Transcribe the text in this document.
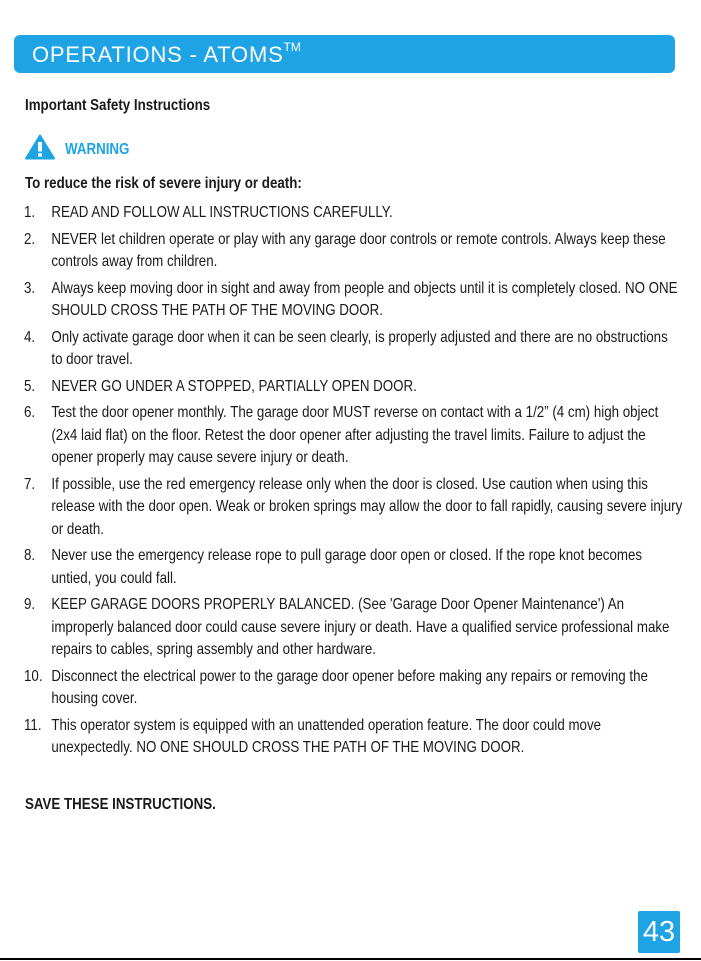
OPERATIONS - ATOMS™
Important Safety Instructions
WARNING
To reduce the risk of severe injury or death:
1. READ AND FOLLOW ALL INSTRUCTIONS CAREFULLY.
2. NEVER let children operate or play with any garage door controls or remote controls. Always keep these controls away from children.
3. Always keep moving door in sight and away from people and objects until it is completely closed. NO ONE SHOULD CROSS THE PATH OF THE MOVING DOOR.
4. Only activate garage door when it can be seen clearly, is properly adjusted and there are no obstructions to door travel.
5. NEVER GO UNDER A STOPPED, PARTIALLY OPEN DOOR.
6. Test the door opener monthly. The garage door MUST reverse on contact with a 1/2” (4 cm) high object (2x4 laid flat) on the floor. Retest the door opener after adjusting the travel limits. Failure to adjust the opener properly may cause severe injury or death.
7. If possible, use the red emergency release only when the door is closed. Use caution when using this release with the door open. Weak or broken springs may allow the door to fall rapidly, causing severe injury or death.
8. Never use the emergency release rope to pull garage door open or closed. If the rope knot becomes untied, you could fall.
9. KEEP GARAGE DOORS PROPERLY BALANCED. (See 'Garage Door Opener Maintenance') An improperly balanced door could cause severe injury or death. Have a qualified service professional make repairs to cables, spring assembly and other hardware.
10. Disconnect the electrical power to the garage door opener before making any repairs or removing the housing cover.
11. This operator system is equipped with an unattended operation feature. The door could move unexpectedly. NO ONE SHOULD CROSS THE PATH OF THE MOVING DOOR.
SAVE THESE INSTRUCTIONS.
43
